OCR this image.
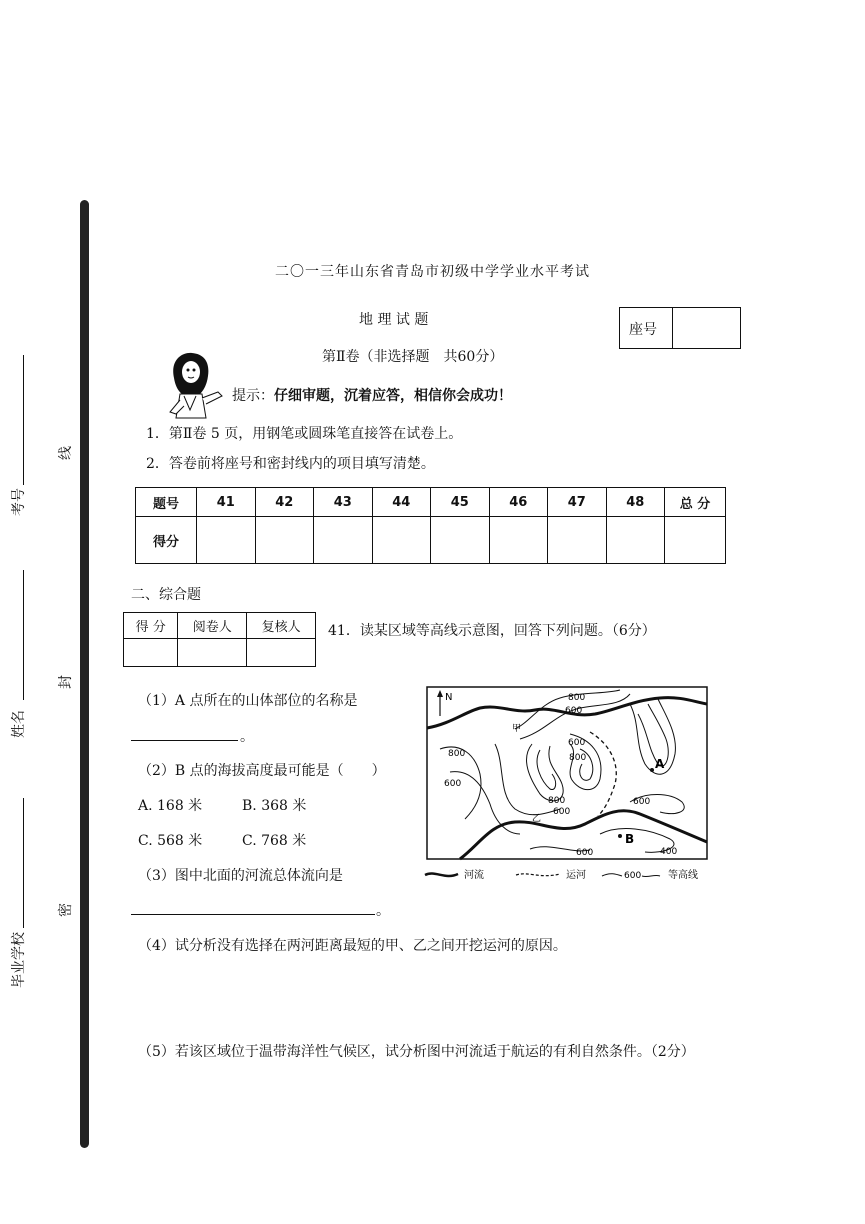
毕业学校
姓名
考号
密
封
线
二〇一三年山东省青岛市初级中学学业水平考试
地 理 试 题
第Ⅱ卷（非选择题　共60分）
座号
提示：仔细审题，沉着应答，相信你会成功！
1．第Ⅱ卷 5 页，用钢笔或圆珠笔直接答在试卷上。
2．答卷前将座号和密封线内的项目填写清楚。
题号	41	42	43	44	45	46	47	48	总 分
得分									
二、综合题
得 分	阅卷人	复核人
		41．读某区域等高线示意图，回答下列问题。（6分）
（1）A 点所在的山体部位的名称是
。
（2）B 点的海拔高度最可能是（　　）
A. 168 米	B. 368 米
C. 568 米	C. 768 米
（3）图中北面的河流总体流向是
。
（4）试分析没有选择在两河距离最短的甲、乙之间开挖运河的原因。
（5）若该区域位于温带海洋性气候区，试分析图中河流适于航运的有利自然条件。（2分）
N	800
600
甲
600
800
800
600
乙
600
800	600
400
600
A
B
河流	运河	600	等高线
